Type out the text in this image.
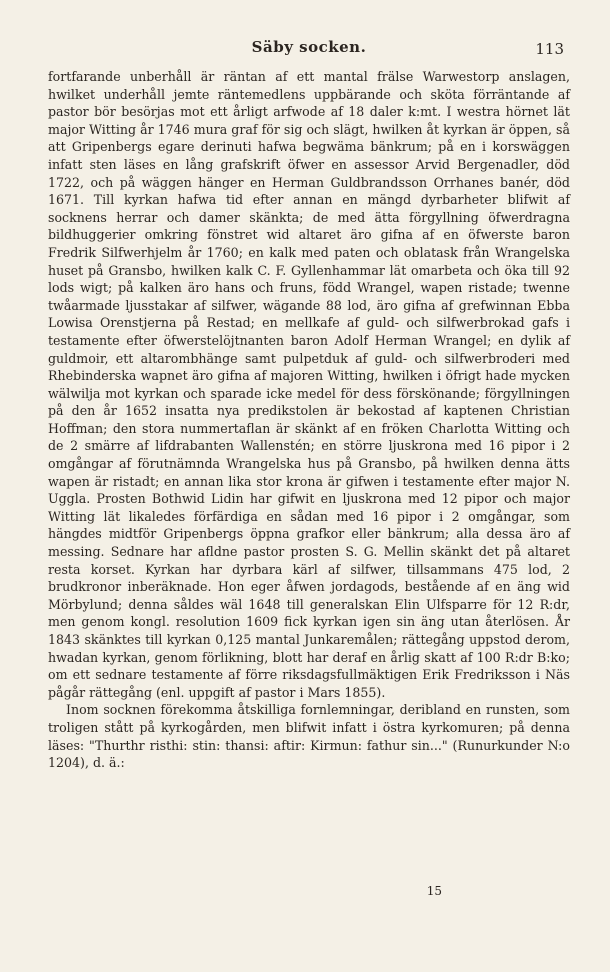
Säby socken.	113

fortfarande unberhåll är räntan af ett mantal frälse Warwestorp anslagen, hwilket underhåll jemte räntemedlens uppbärande och sköta förräntande af pastor bör besörjas mot ett årligt arfwode af 18 daler k:mt. I westra hörnet lät major Witting år 1746 mura graf för sig och slägt, hwilken åt kyrkan är öppen, så att Gripenbergs egare derinuti hafwa begwäma bänkrum; på en i korswäggen infatt sten läses en lång grafskrift öfwer en assessor Arvid Bergenadler, död 1722, och på wäggen hänger en Herman Guldbrandsson Orrhanes banér, död 1671. Till kyrkan hafwa tid efter annan en mängd dyrbarheter blifwit af socknens herrar och damer skänkta; de med ätta förgyllning öfwerdragna bildhuggerier omkring fönstret wid altaret äro gifna af en öfwerste baron Fredrik Silfwerhjelm år 1760; en kalk med paten och oblatask från Wrangelska huset på Gransbo, hwilken kalk C. F. Gyllenhammar lät omarbeta och öka till 92 lods wigt; på kalken äro hans och fruns, född Wrangel, wapen ristade; twenne twåarmade ljusstakar af silfwer, wägande 88 lod, äro gifna af grefwinnan Ebba Lowisa Orenstjerna på Restad; en mellkafe af guld- och silfwerbrokad gafs i testamente efter öfwerstelöjtnanten baron Adolf Herman Wrangel; en dylik af guldmoir, ett altarombhänge samt pulpetduk af guld- och silfwerbroderi med Rhebinderska wapnet äro gifna af majoren Witting, hwilken i öfrigt hade mycken wälwilja mot kyrkan och sparade icke medel för dess förskönande; förgyllningen på den år 1652 insatta nya predikstolen är bekostad af kaptenen Christian Hoffman; den stora nummertaflan är skänkt af en fröken Charlotta Witting och de 2 smärre af lifdrabanten Wallenstén; en större ljuskrona med 16 pipor i 2 omgångar af förutnämnda Wrangelska hus på Gransbo, på hwilken denna ätts wapen är ristadt; en annan lika stor krona är gifwen i testamente efter major N. Uggla. Prosten Bothwid Lidin har gifwit en ljuskrona med 12 pipor och major Witting lät likaledes förfärdiga en sådan med 16 pipor i 2 omgångar, som hängdes midtför Gripenbergs öppna grafkor eller bänkrum; alla dessa äro af messing. Sednare har afldne pastor prosten S. G. Mellin skänkt det på altaret resta korset. Kyrkan har dyrbara kärl af silfwer, tillsammans 475 lod, 2 brudkronor inberäknade. Hon eger åfwen jordagods, bestående af en äng wid Mörbylund; denna såldes wäl 1648 till generalskan Elin Ulfsparre för 12 R:dr, men genom kongl. resolution 1609 fick kyrkan igen sin äng utan återlösen. År 1843 skänktes till kyrkan 0,125 mantal Junkaremålen; rättegång uppstod derom, hwadan kyrkan, genom förlikning, blott har deraf en årlig skatt af 100 R:dr B:ko; om ett sednare testamente af förre riksdagsfullmäktigen Erik Fredriksson i Näs pågår rättegång (enl. uppgift af pastor i Mars 1855).

Inom socknen förekomma åtskilliga fornlemningar, deribland en runsten, som troligen stått på kyrkogården, men blifwit infatt i östra kyrkomuren; på denna läses: "Thurthr risthi: stin: thansi: aftir: Kirmun: fathur sin..." (Runurkunder N:o 1204), d. ä.:

15
